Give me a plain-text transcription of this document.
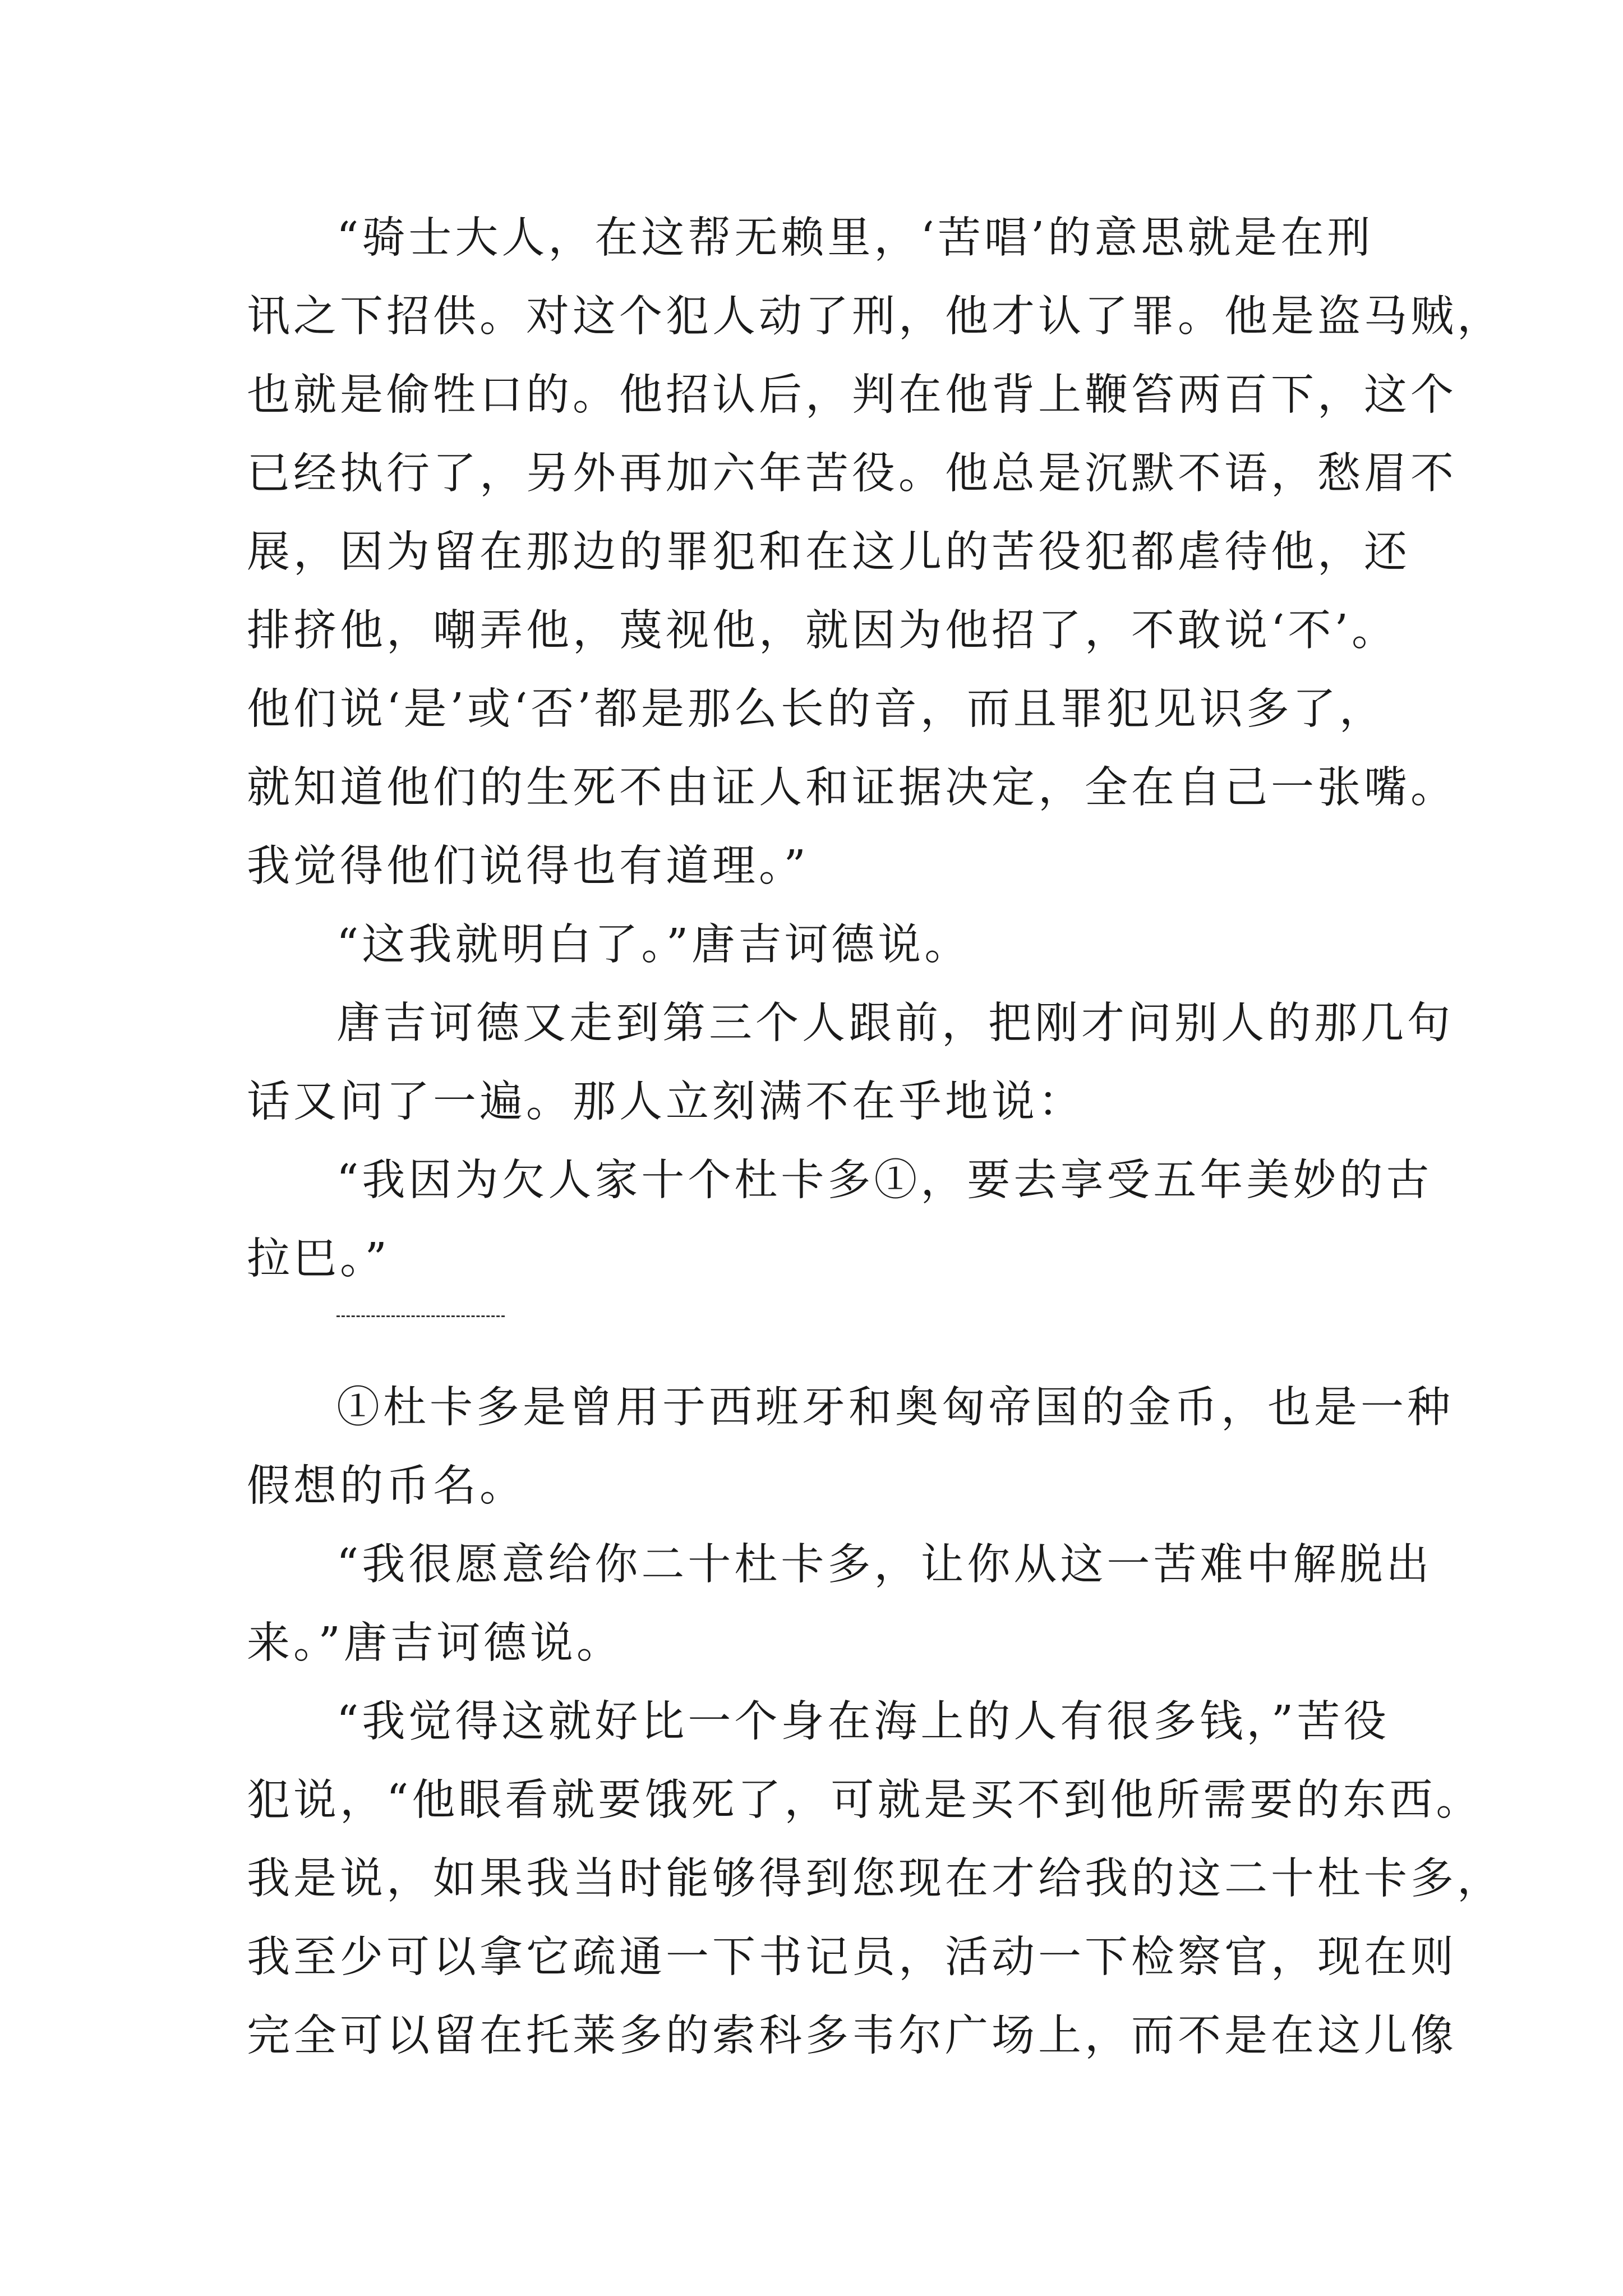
“骑士大人，在这帮无赖里，‘苦唱’的意思就是在刑
讯之下招供。对这个犯人动了刑，他才认了罪。他是盗马贼，
也就是偷牲口的。他招认后，判在他背上鞭笞两百下，这个
已经执行了，另外再加六年苦役。他总是沉默不语，愁眉不
展，因为留在那边的罪犯和在这儿的苦役犯都虐待他，还
排挤他，嘲弄他，蔑视他，就因为他招了，不敢说‘不’。
他们说‘是’或‘否’都是那么长的音，而且罪犯见识多了，
就知道他们的生死不由证人和证据决定，全在自己一张嘴。
我觉得他们说得也有道理。”
“这我就明白了。”唐吉诃德说。
唐吉诃德又走到第三个人跟前，把刚才问别人的那几句
话又问了一遍。那人立刻满不在乎地说：
“我因为欠人家十个杜卡多①，要去享受五年美妙的古
拉巴。”
①杜卡多是曾用于西班牙和奥匈帝国的金币，也是一种
假想的币名。
“我很愿意给你二十杜卡多，让你从这一苦难中解脱出
来。”唐吉诃德说。
“我觉得这就好比一个身在海上的人有很多钱，”苦役
犯说，“他眼看就要饿死了，可就是买不到他所需要的东西。
我是说，如果我当时能够得到您现在才给我的这二十杜卡多，
我至少可以拿它疏通一下书记员，活动一下检察官，现在则
完全可以留在托莱多的索科多韦尔广场上，而不是在这儿像
